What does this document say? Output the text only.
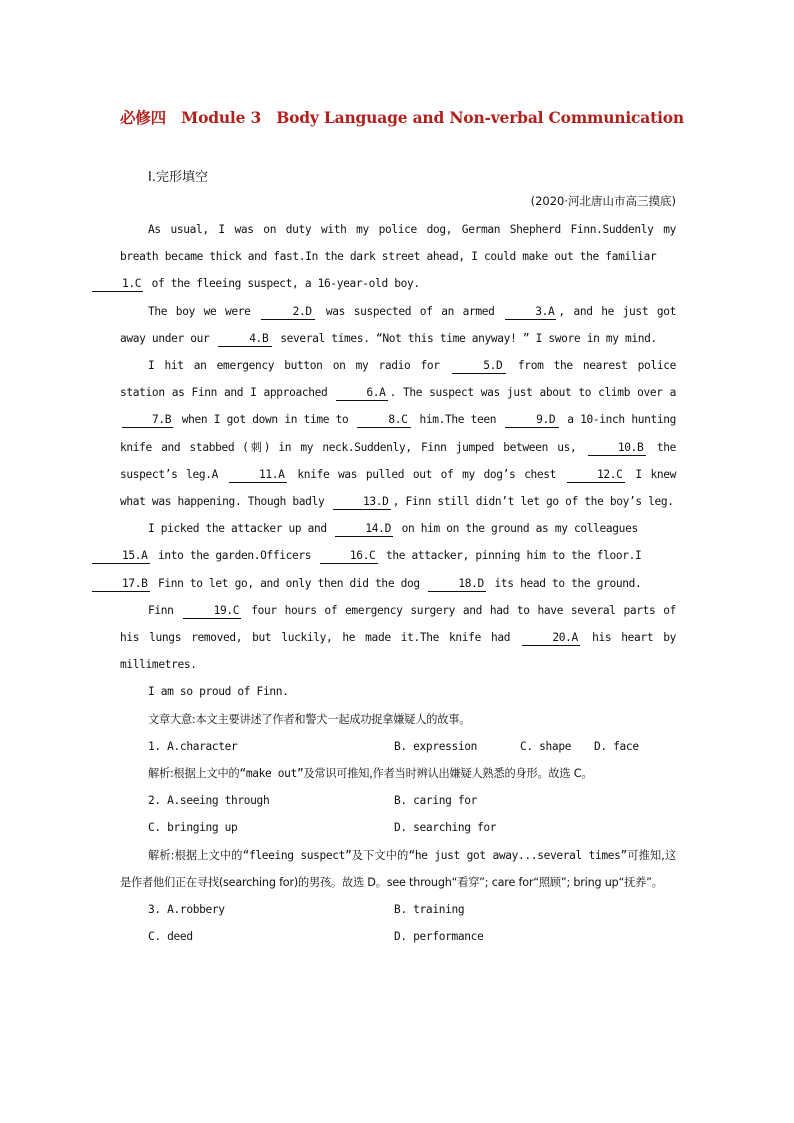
必修四 Module 3 Body Language and Non-verbal Communication
Ⅰ.完形填空
(2020·河北唐山市高三摸底)

As usual, I was on duty with my police dog, German Shepherd Finn.Suddenly my breath became thick and fast.In the dark street ahead, I could make out the familiar
1.C of the fleeing suspect, a 16-year-old boy.

The boy we were	2.D was suspected of an armed	3.A , and he just got away under our	4.B several times. “Not this time anyway! ” I swore in my mind.

I hit an emergency button on my radio for	5.D from the nearest police station as Finn and I approached	6.A . The suspect was just about to climb over a 7.B when I got down in time to	8.C him.The teen	9.D a 10-inch hunting knife and stabbed (刺) in my neck.Suddenly, Finn jumped between us,	10.B the suspect’s leg.A	11.A knife was pulled out of my dog’s chest	12.C I knew what was happening. Though badly	13.D , Finn still didn’t let go of the boy’s leg.

I picked the attacker up and	14.D on him on the ground as my colleagues
15.A into the garden.Officers	16.C the attacker, pinning him to the floor.I
17.B Finn to let go, and only then did the dog	18.D its head to the ground.

Finn	19.C four hours of emergency surgery and had to have several parts of his lungs removed, but luckily, he made it.The knife had	20.A his heart by millimetres.

I am so proud of Finn.

文章大意:本文主要讲述了作者和警犬一起成功捉拿嫌疑人的故事。

1. A.character	B. expression	C. shape D. face

解析:根据上文中的“make out”及常识可推知,作者当时辨认出嫌疑人熟悉的身形。故选 C。

2. A.seeing through	B. caring for
C. bringing up	D. searching for

解析:根据上文中的“fleeing suspect”及下文中的“he just got away...several times”可推知,这是作者他们正在寻找(searching for)的男孩。故选 D。see through“看穿”; care for“照顾”; bring up“抚养”。

3. A.robbery	B. training
C. deed	D. performance
